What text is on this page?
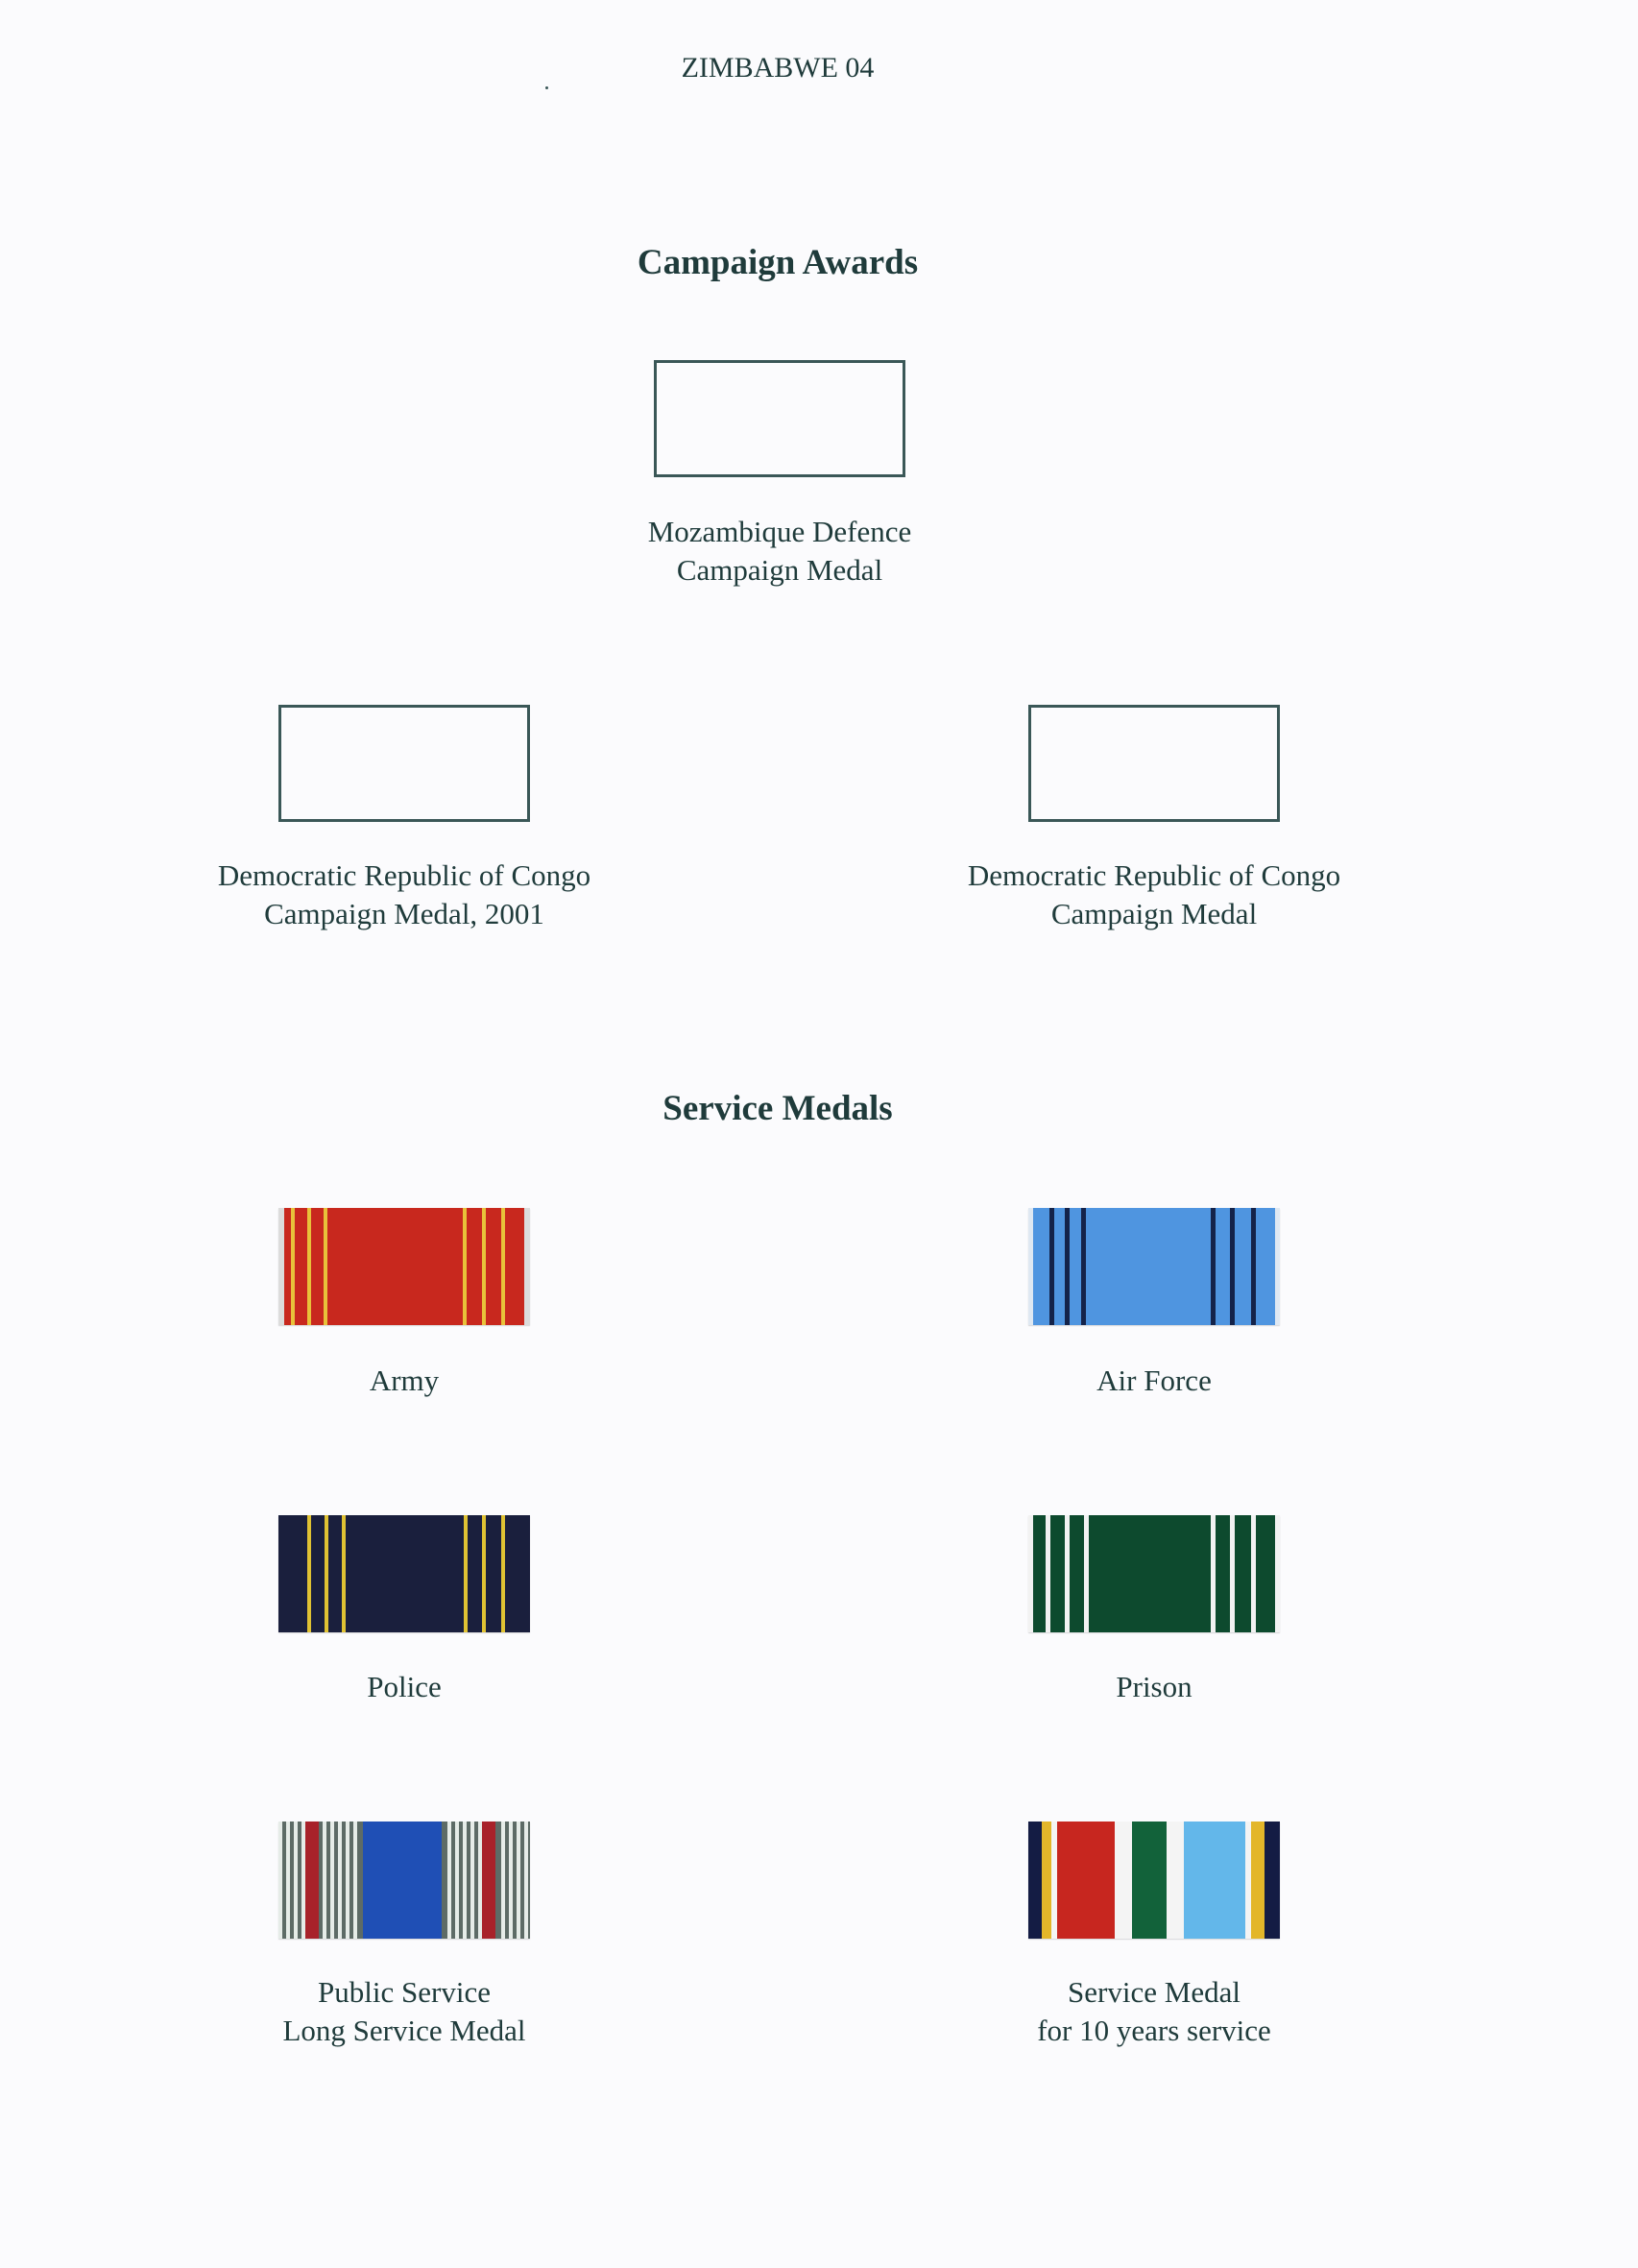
ZIMBABWE 04
Campaign Awards
Mozambique Defence
Campaign Medal
Democratic Republic of Congo
Campaign Medal, 2001
Democratic Republic of Congo
Campaign Medal
Service Medals
Army	Air Force
Police	Prison
Public Service
Long Service Medal
Service Medal
for 10 years service
